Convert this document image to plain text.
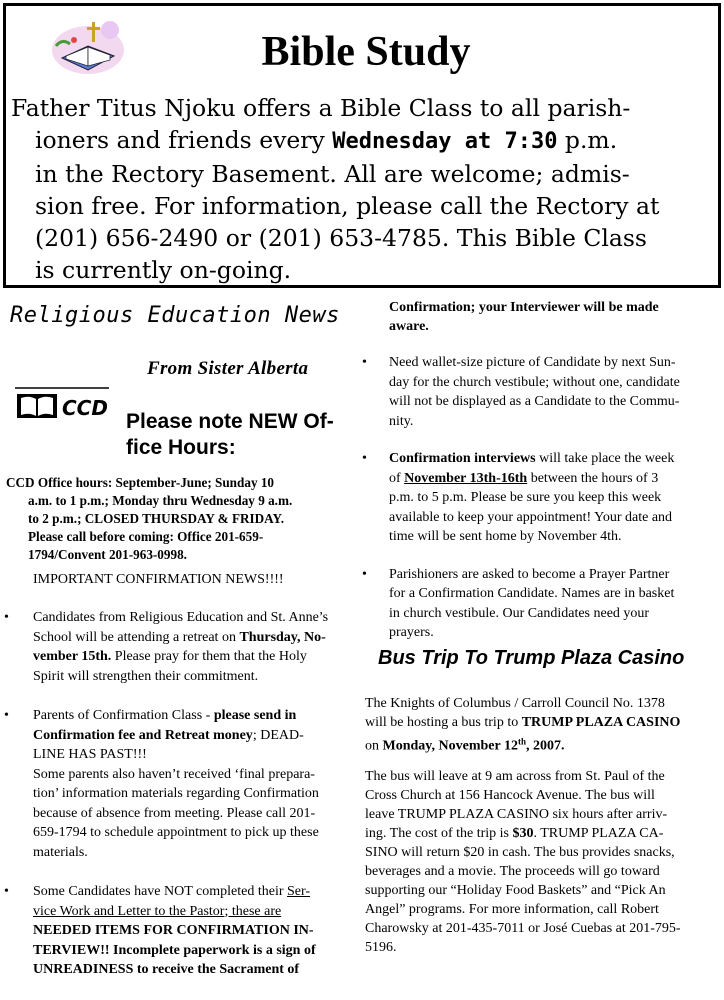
Bible Study
Father Titus Njoku offers a Bible Class to all parish-
ioners and friends every Wednesday at 7:30 p.m.
in the Rectory Basement. All are welcome; admis-
sion free. For information, please call the Rectory at
(201) 656-2490 or (201) 653-4785. This Bible Class
is currently on-going.
Religious Education News
From Sister Alberta
CCD
Please note NEW Of-
fice Hours:
CCD Office hours: September-June; Sunday 10
a.m. to 1 p.m.; Monday thru Wednesday 9 a.m.
to 2 p.m.; CLOSED THURSDAY & FRIDAY.
Please call before coming: Office 201-659-
1794/Convent 201-963-0998.
IMPORTANT CONFIRMATION NEWS!!!!
• Candidates from Religious Education and St. Anne’s
School will be attending a retreat on Thursday, No-
vember 15th. Please pray for them that the Holy
Spirit will strengthen their commitment.
• Parents of Confirmation Class - please send in
Confirmation fee and Retreat money; DEAD-
LINE HAS PAST!!!
Some parents also haven’t received ‘final prepara-
tion’ information materials regarding Confirmation
because of absence from meeting. Please call 201-
659-1794 to schedule appointment to pick up these
materials.
• Some Candidates have NOT completed their Ser-
vice Work and Letter to the Pastor; these are
NEEDED ITEMS FOR CONFIRMATION IN-
TERVIEW!! Incomplete paperwork is a sign of
UNREADINESS to receive the Sacrament of
Confirmation; your Interviewer will be made
aware.
• Need wallet-size picture of Candidate by next Sun-
day for the church vestibule; without one, candidate
will not be displayed as a Candidate to the Commu-
nity.
• Confirmation interviews will take place the week
of November 13th-16th between the hours of 3
p.m. to 5 p.m. Please be sure you keep this week
available to keep your appointment! Your date and
time will be sent home by November 4th.
• Parishioners are asked to become a Prayer Partner
for a Confirmation Candidate. Names are in basket
in church vestibule. Our Candidates need your
prayers.
Bus Trip To Trump Plaza Casino
The Knights of Columbus / Carroll Council No. 1378
will be hosting a bus trip to TRUMP PLAZA CASINO
on Monday, November 12th, 2007.
The bus will leave at 9 am across from St. Paul of the
Cross Church at 156 Hancock Avenue. The bus will
leave TRUMP PLAZA CASINO six hours after arriv-
ing. The cost of the trip is $30. TRUMP PLAZA CA-
SINO will return $20 in cash. The bus provides snacks,
beverages and a movie. The proceeds will go toward
supporting our “Holiday Food Baskets” and “Pick An
Angel” programs. For more information, call Robert
Charowsky at 201-435-7011 or José Cuebas at 201-795-
5196.
